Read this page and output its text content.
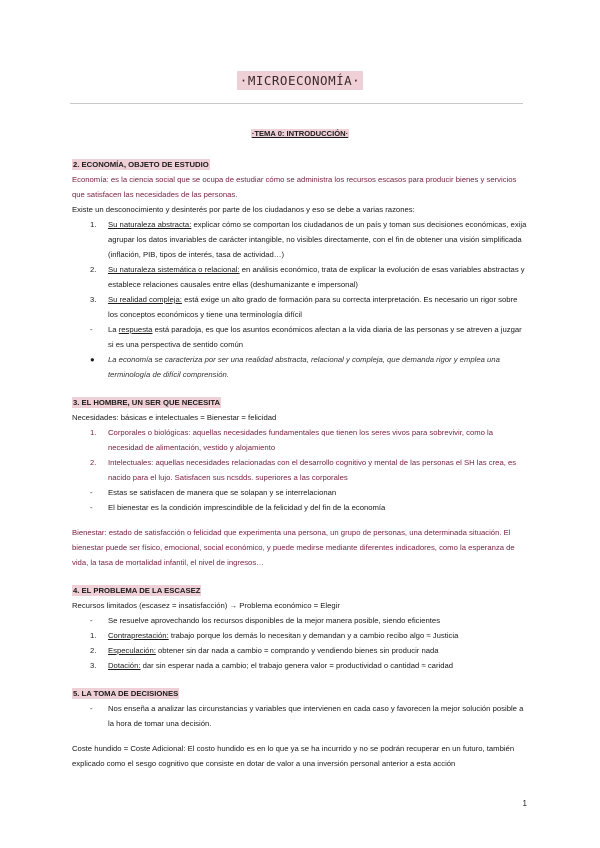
·MICROECONOMÍA·
·TEMA 0: INTRODUCCIÓN·
2. ECONOMÍA, OBJETO DE ESTUDIO
Economía: es la ciencia social que se ocupa de estudiar cómo se administra los recursos escasos para producir bienes y servicios que satisfacen las necesidades de las personas.
Existe un desconocimiento y desinterés por parte de los ciudadanos y eso se debe a varias razones:
1. Su naturaleza abstracta: explicar cómo se comportan los ciudadanos de un país y toman sus decisiones económicas, exija agrupar los datos invariables de carácter intangible, no visibles directamente, con el fin de obtener una visión simplificada (inflación, PIB, tipos de interés, tasa de actividad…)
2. Su naturaleza sistemática o relacional: en análisis económico, trata de explicar la evolución de esas variables abstractas y establece relaciones causales entre ellas (deshumanizante e impersonal)
3. Su realidad compleja: está exige un alto grado de formación para su correcta interpretación. Es necesario un rigor sobre los conceptos económicos y tiene una terminología difícil
- La respuesta está paradoja, es que los asuntos económicos afectan a la vida diaria de las personas y se atreven a juzgar si es una perspectiva de sentido común
● La economía se caracteriza por ser una realidad abstracta, relacional y compleja, que demanda rigor y emplea una terminología de difícil comprensión.
3. EL HOMBRE, UN SER QUE NECESITA
Necesidades: básicas e intelectuales = Bienestar = felicidad
1. Corporales o biológicas: aquellas necesidades fundamentales que tienen los seres vivos para sobrevivir, como la necesidad de alimentación, vestido y alojamiento
2. Intelectuales: aquellas necesidades relacionadas con el desarrollo cognitivo y mental de las personas el SH las crea, es nacido para el lujo. Satisfacen sus ncsdds. superiores a las corporales
- Estas se satisfacen de manera que se solapan y se interrelacionan
- El bienestar es la condición imprescindible de la felicidad y del fin de la economía
Bienestar: estado de satisfacción o felicidad que experimenta una persona, un grupo de personas, una determinada situación. El bienestar puede ser físico, emocional, social económico, y puede medirse mediante diferentes indicadores, como la esperanza de vida, la tasa de mortalidad infantil, el nivel de ingresos…
4. EL PROBLEMA DE LA ESCASEZ
Recursos limitados (escasez = insatisfacción) → Problema económico = Elegir
- Se resuelve aprovechando los recursos disponibles de la mejor manera posible, siendo eficientes
1. Contraprestación: trabajo porque los demás lo necesitan y demandan y a cambio recibo algo ≈ Justicia
2. Especulación: obtener sin dar nada a cambio = comprando y vendiendo bienes sin producir nada
3. Dotación: dar sin esperar nada a cambio; el trabajo genera valor = productividad o cantidad ≈ caridad
5. LA TOMA DE DECISIONES
- Nos enseña a analizar las circunstancias y variables que intervienen en cada caso y favorecen la mejor solución posible a la hora de tomar una decisión.
Coste hundido = Coste Adicional: El costo hundido es en lo que ya se ha incurrido y no se podrán recuperar en un futuro, también explicado como el sesgo cognitivo que consiste en dotar de valor a una inversión personal anterior a esta acción
1
